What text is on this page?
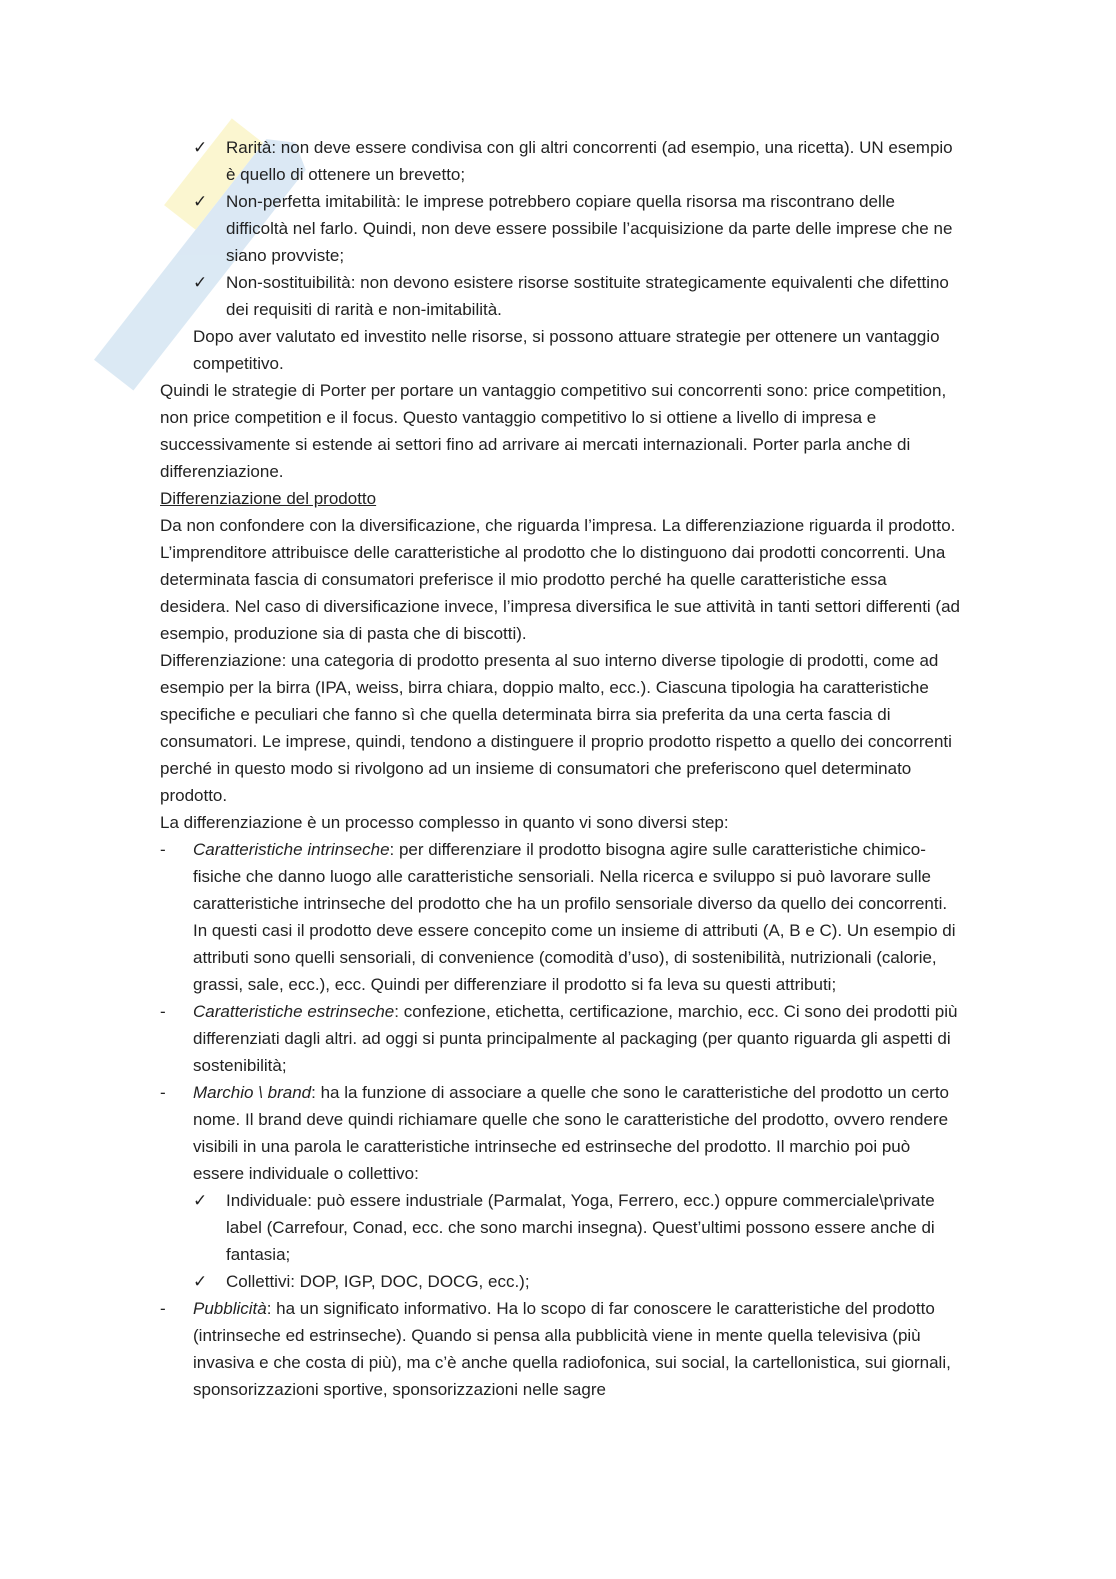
✓	Rarità: non deve essere condivisa con gli altri concorrenti (ad esempio, una ricetta). UN esempio è quello di ottenere un brevetto;
✓	Non-perfetta imitabilità: le imprese potrebbero copiare quella risorsa ma riscontrano delle difficoltà nel farlo. Quindi, non deve essere possibile l’acquisizione da parte delle imprese che ne siano provviste;
✓	Non-sostituibilità: non devono esistere risorse sostituite strategicamente equivalenti che difettino dei requisiti di rarità e non-imitabilità.

Dopo aver valutato ed investito nelle risorse, si possono attuare strategie per ottenere un vantaggio competitivo.

Quindi le strategie di Porter per portare un vantaggio competitivo sui concorrenti sono: price competition, non price competition e il focus. Questo vantaggio competitivo lo si ottiene a livello di impresa e successivamente si estende ai settori fino ad arrivare ai mercati internazionali. Porter parla anche di differenziazione.

Differenziazione del prodotto

Da non confondere con la diversificazione, che riguarda l’impresa. La differenziazione riguarda il prodotto. L’imprenditore attribuisce delle caratteristiche al prodotto che lo distinguono dai prodotti concorrenti. Una determinata fascia di consumatori preferisce il mio prodotto perché ha quelle caratteristiche essa desidera. Nel caso di diversificazione invece, l’impresa diversifica le sue attività in tanti settori differenti (ad esempio, produzione sia di pasta che di biscotti).

Differenziazione: una categoria di prodotto presenta al suo interno diverse tipologie di prodotti, come ad esempio per la birra (IPA, weiss, birra chiara, doppio malto, ecc.). Ciascuna tipologia ha caratteristiche specifiche e peculiari che fanno sì che quella determinata birra sia preferita da una certa fascia di consumatori. Le imprese, quindi, tendono a distinguere il proprio prodotto rispetto a quello dei concorrenti perché in questo modo si rivolgono ad un insieme di consumatori che preferiscono quel determinato prodotto.

La differenziazione è un processo complesso in quanto vi sono diversi step:

-	Caratteristiche intrinseche: per differenziare il prodotto bisogna agire sulle caratteristiche chimico-fisiche che danno luogo alle caratteristiche sensoriali. Nella ricerca e sviluppo si può lavorare sulle caratteristiche intrinseche del prodotto che ha un profilo sensoriale diverso da quello dei concorrenti. In questi casi il prodotto deve essere concepito come un insieme di attributi (A, B e C). Un esempio di attributi sono quelli sensoriali, di convenience (comodità d’uso), di sostenibilità, nutrizionali (calorie, grassi, sale, ecc.), ecc. Quindi per differenziare il prodotto si fa leva su questi attributi;
-	Caratteristiche estrinseche: confezione, etichetta, certificazione, marchio, ecc. Ci sono dei prodotti più differenziati dagli altri. ad oggi si punta principalmente al packaging (per quanto riguarda gli aspetti di sostenibilità;
-	Marchio \ brand: ha la funzione di associare a quelle che sono le caratteristiche del prodotto un certo nome. Il brand deve quindi richiamare quelle che sono le caratteristiche del prodotto, ovvero rendere visibili in una parola le caratteristiche intrinseche ed estrinseche del prodotto. Il marchio poi può essere individuale o collettivo:
✓	Individuale: può essere industriale (Parmalat, Yoga, Ferrero, ecc.) oppure commerciale\private label (Carrefour, Conad, ecc. che sono marchi insegna). Quest’ultimi possono essere anche di fantasia;
✓	Collettivi: DOP, IGP, DOC, DOCG, ecc.);
-	Pubblicità: ha un significato informativo. Ha lo scopo di far conoscere le caratteristiche del prodotto (intrinseche ed estrinseche). Quando si pensa alla pubblicità viene in mente quella televisiva (più invasiva e che costa di più), ma c’è anche quella radiofonica, sui social, la cartellonistica, sui giornali, sponsorizzazioni sportive, sponsorizzazioni nelle sagre
